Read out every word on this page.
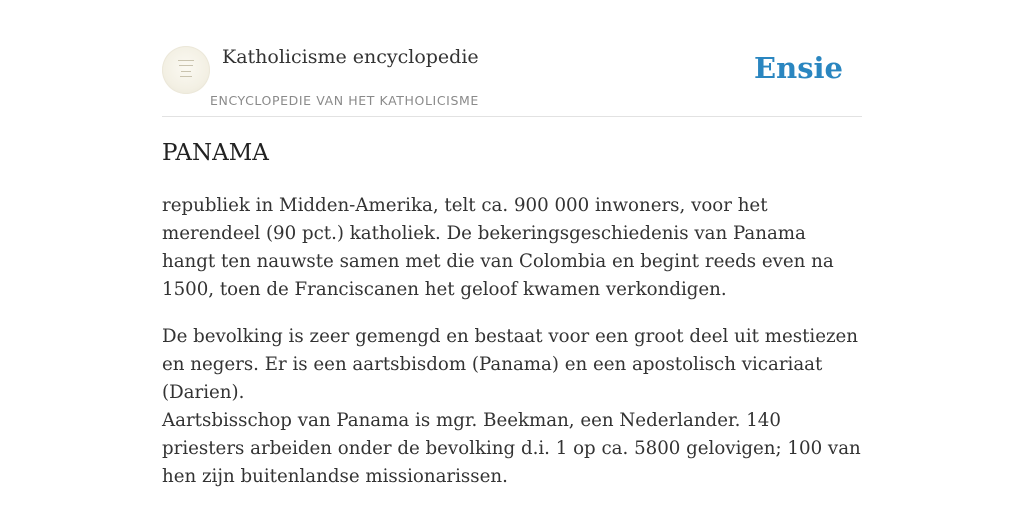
Katholicisme encyclopedie
ENCYCLOPEDIE VAN HET KATHOLICISME
Ensie
PANAMA

republiek in Midden-Amerika, telt ca. 900 000 inwoners, voor het merendeel (90 pct.) katholiek. De bekeringsgeschiedenis van Panama hangt ten nauwste samen met die van Colombia en begint reeds even na 1500, toen de Franciscanen het geloof kwamen verkondigen.

De bevolking is zeer gemengd en bestaat voor een groot deel uit mestiezen en negers. Er is een aartsbisdom (Panama) en een apostolisch vicariaat (Darien).

Aartsbisschop van Panama is mgr. Beekman, een Nederlander. 140 priesters arbeiden onder de bevolking d.i. 1 op ca. 5800 gelovigen; 100 van hen zijn buitenlandse missionarissen.
